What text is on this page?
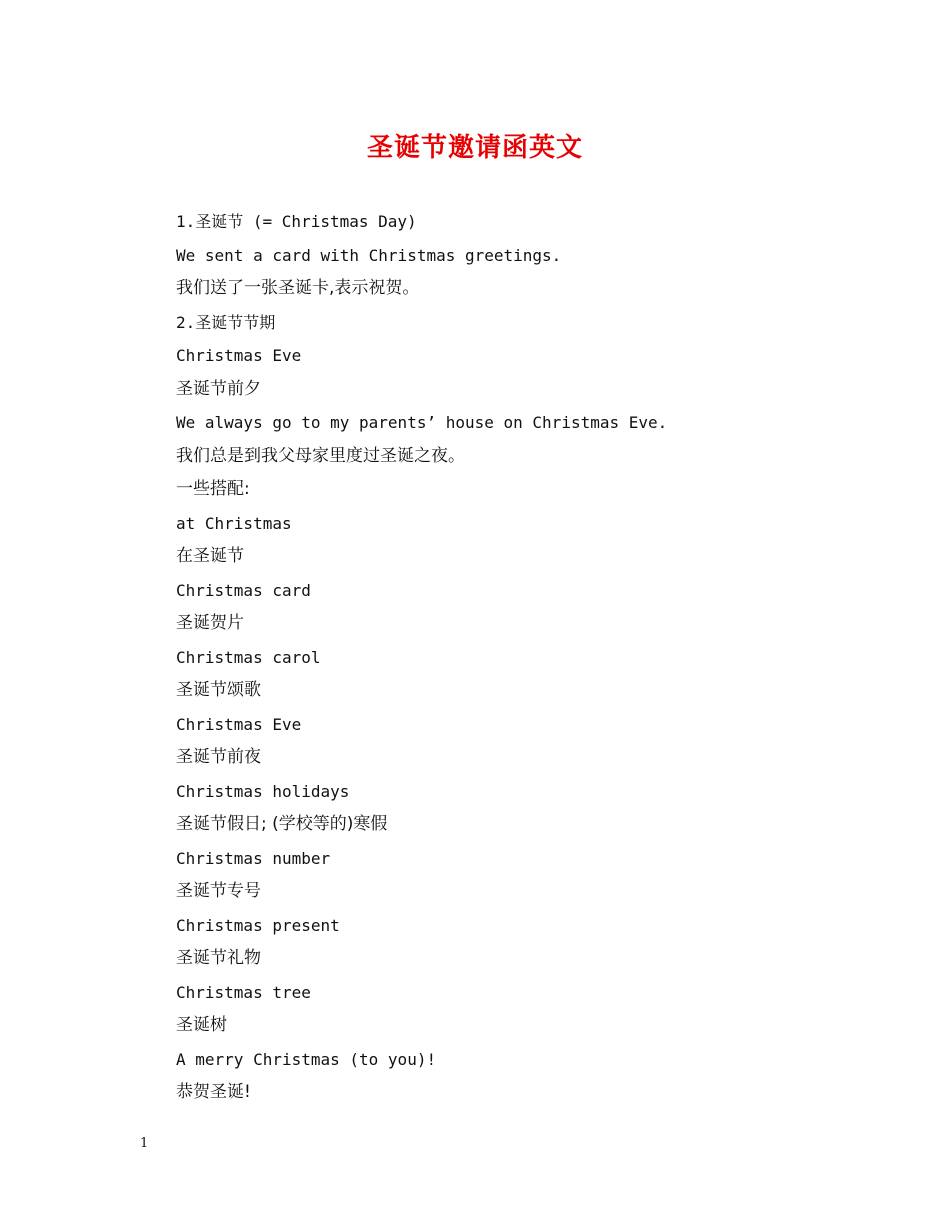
圣诞节邀请函英文
1.圣诞节 (= Christmas Day)
We sent a card with Christmas greetings.
我们送了一张圣诞卡,表示祝贺。
2.圣诞节节期
Christmas Eve
圣诞节前夕
We always go to my parents’ house on Christmas Eve.
我们总是到我父母家里度过圣诞之夜。
一些搭配:
at Christmas
在圣诞节
Christmas card
圣诞贺片
Christmas carol
圣诞节颂歌
Christmas Eve
圣诞节前夜
Christmas holidays
圣诞节假日; (学校等的)寒假
Christmas number
圣诞节专号
Christmas present
圣诞节礼物
Christmas tree
圣诞树
A merry Christmas (to you)!
恭贺圣诞!
1
